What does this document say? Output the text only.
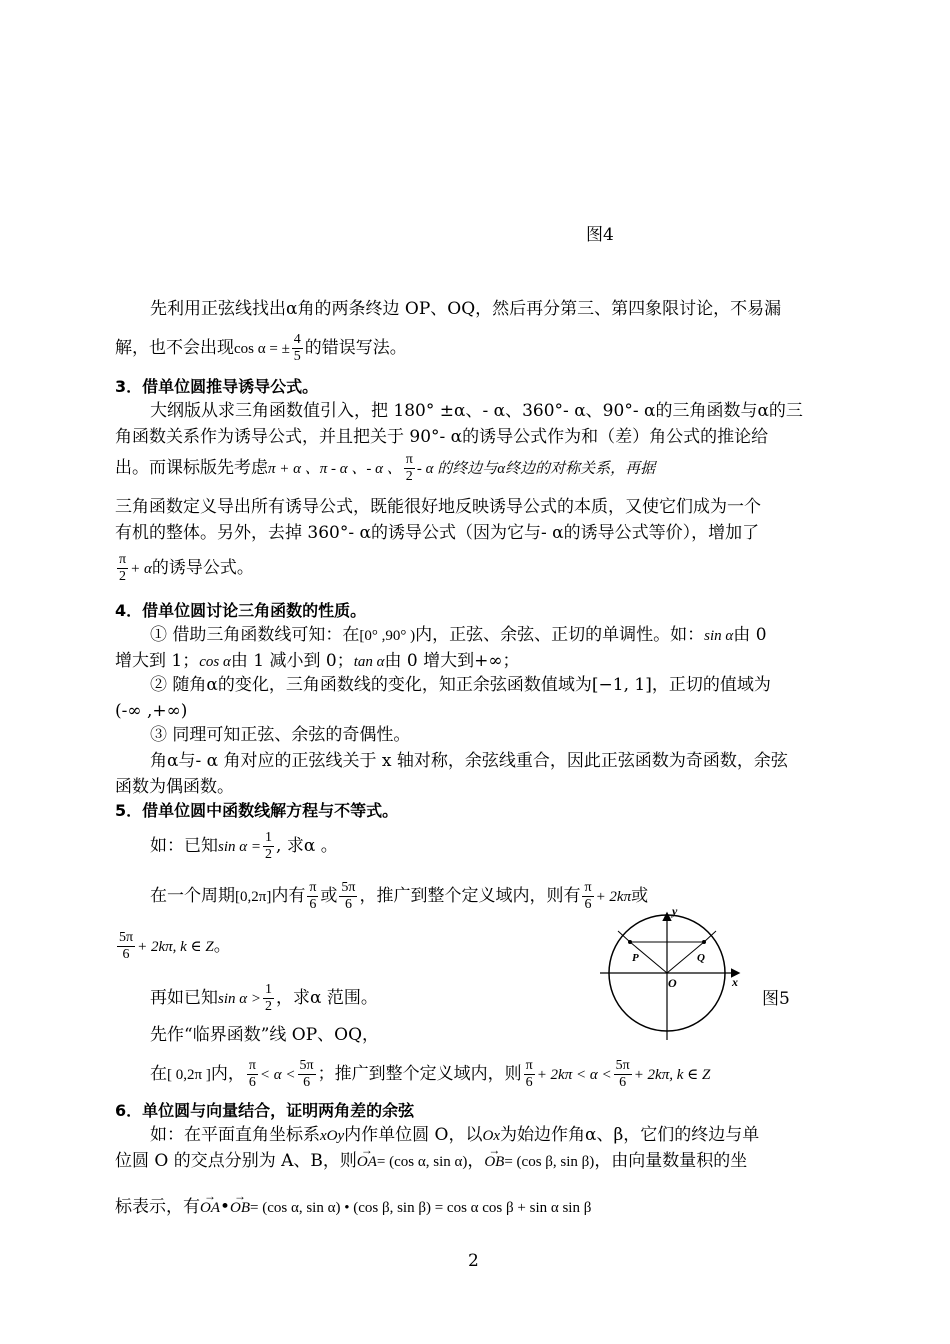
图4
先利用正弦线找出α角的两条终边 OP、OQ，然后再分第三、第四象限讨论，不易漏
解，也不会出现cos α = ± $\frac{4}{5}$ 的错误写法。
3．借单位圆推导诱导公式。
大纲版从求三角函数值引入，把 180° ±α、- α、360°- α、90°- α的三角函数与α的三
角函数关系作为诱导公式，并且把关于 90°- α的诱导公式作为和（差）角公式的推论给
出。而课标版先考虑π + α 、π - α 、- α 、 $\frac{\pi}{2}$ - α 的终边与α终边的对称关系，再据
三角函数定义导出所有诱导公式，既能很好地反映诱导公式的本质，又使它们成为一个
有机的整体。另外，去掉 360°- α的诱导公式（因为它与- α的诱导公式等价），增加了
$\frac{\pi}{2} + \alpha$的诱导公式。
4．借单位圆讨论三角函数的性质。
① 借助三角函数线可知：在[0° ,90° )内，正弦、余弦、正切的单调性。如：sin α由 0
增大到 1；cos α由 1 减小到 0；tan α由 0 增大到+∞；
② 随角α的变化，三角函数线的变化，知正余弦函数值域为[−1, 1]，正切的值域为
(-∞ ,+∞)
③ 同理可知正弦、余弦的奇偶性。
角α与- α 角对应的正弦线关于 x 轴对称，余弦线重合，因此正弦函数为奇函数，余弦
函数为偶函数。
5．借单位圆中函数线解方程与不等式。
如：已知$\sin \alpha = \frac{1}{2}$ , 求α 。
在一个周期[0,2π]内有 $\frac{\pi}{6}$ 或 $\frac{5\pi}{6}$ ，推广到整个定义域内，则有 $\frac{\pi}{6} + 2k\pi$或
$\frac{5\pi}{6} + 2k\pi$, k ∈ Z。
再如已知$\sin \alpha > \frac{1}{2}$ ，求α 范围。
先作“临界函数”线 OP、OQ，
在[ 0,2π ]内， $\frac{\pi}{6} < \alpha < \frac{5\pi}{6}$ ；推广到整个定义域内，则 $\frac{\pi}{6} + 2k\pi < \alpha < \frac{5\pi}{6} + 2k\pi$, k ∈ Z
y
x
O
P	Q
图5
6．单位圆与向量结合，证明两角差的余弦
如：在平面直角坐标系xOy内作单位圆 O，以Ox为始边作角α、β，它们的终边与单
位圆 O 的交点分别为 A、B，则→ OA= (cos α, sin α)，→ OB= (cos β, sin β)，由向量数量积的坐
标表示，有→ OA•→ OB= (cos α, sin α) • (cos β, sin β) = cos α cos β + sin α sin β
2
